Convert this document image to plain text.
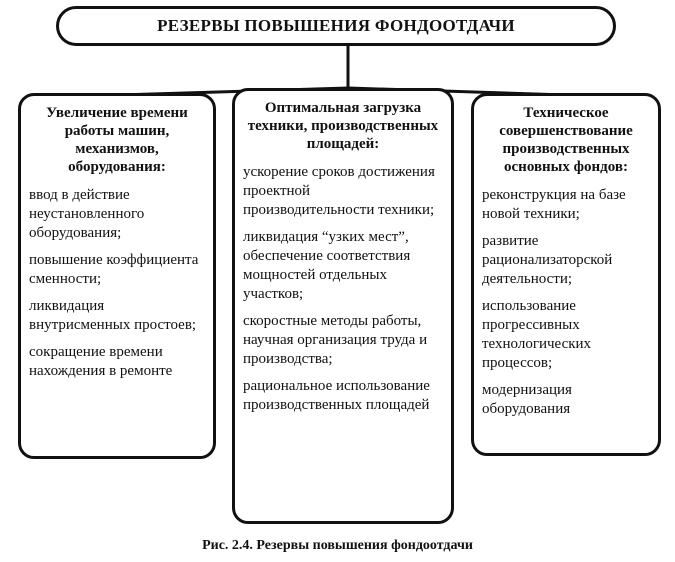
РЕЗЕРВЫ ПОВЫШЕНИЯ ФОНДООТДАЧИ
Увеличение времени работы машин, механизмов, оборудования:
ввод в действие неустановленного оборудования;
повышение коэффициента сменности;
ликвидация внутрисменных простоев;
сокращение времени нахождения в ремонте
Оптимальная загрузка техники, производственных площадей:
ускорение сроков достижения проектной производительности техники;
ликвидация “узких мест”, обеспечение соответствия мощностей отдельных участков;
скоростные методы работы, научная организация труда и производства;
рациональное использование производственных площадей
Техническое совершенствование производственных основных фондов:
реконструкция на базе новой техники;
развитие рационализаторской деятельности;
использование прогрессивных технологических процессов;
модернизация оборудования
Рис. 2.4. Резервы повышения фондоотдачи
